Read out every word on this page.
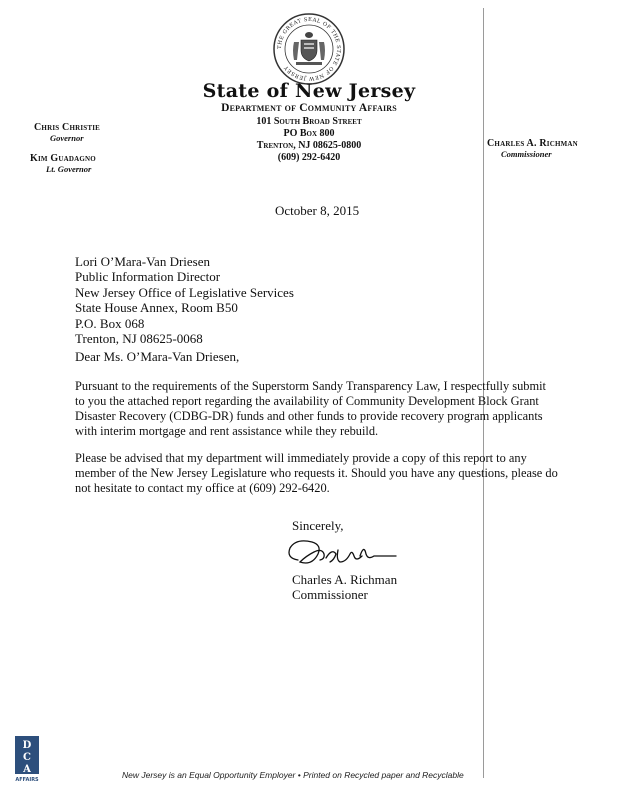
THE GREAT SEAL OF THE STATE OF NEW JERSEY
State of New Jersey
Department of Community Affairs
101 South Broad Street
PO Box 800
Trenton, NJ 08625-0800
(609) 292-6420
Chris Christie
Governor
Kim Guadagno
Lt. Governor
Charles A. Richman
Commissioner
October 8, 2015
Lori O’Mara-Van Driesen
Public Information Director
New Jersey Office of Legislative Services
State House Annex, Room B50
P.O. Box 068
Trenton, NJ 08625-0068
Dear Ms. O’Mara-Van Driesen,
Pursuant to the requirements of the Superstorm Sandy Transparency Law, I respectfully submit
to you the attached report regarding the availability of Community Development Block Grant
Disaster Recovery (CDBG-DR) funds and other funds to provide recovery program applicants
with interim mortgage and rent assistance while they rebuild.
Please be advised that my department will immediately provide a copy of this report to any
member of the New Jersey Legislature who requests it. Should you have any questions, please do
not hesitate to contact my office at (609) 292-6420.
Sincerely,
Charles A. Richman
Commissioner
D
C
A
AFFAIRS	New Jersey is an Equal Opportunity Employer • Printed on Recycled paper and Recyclable
